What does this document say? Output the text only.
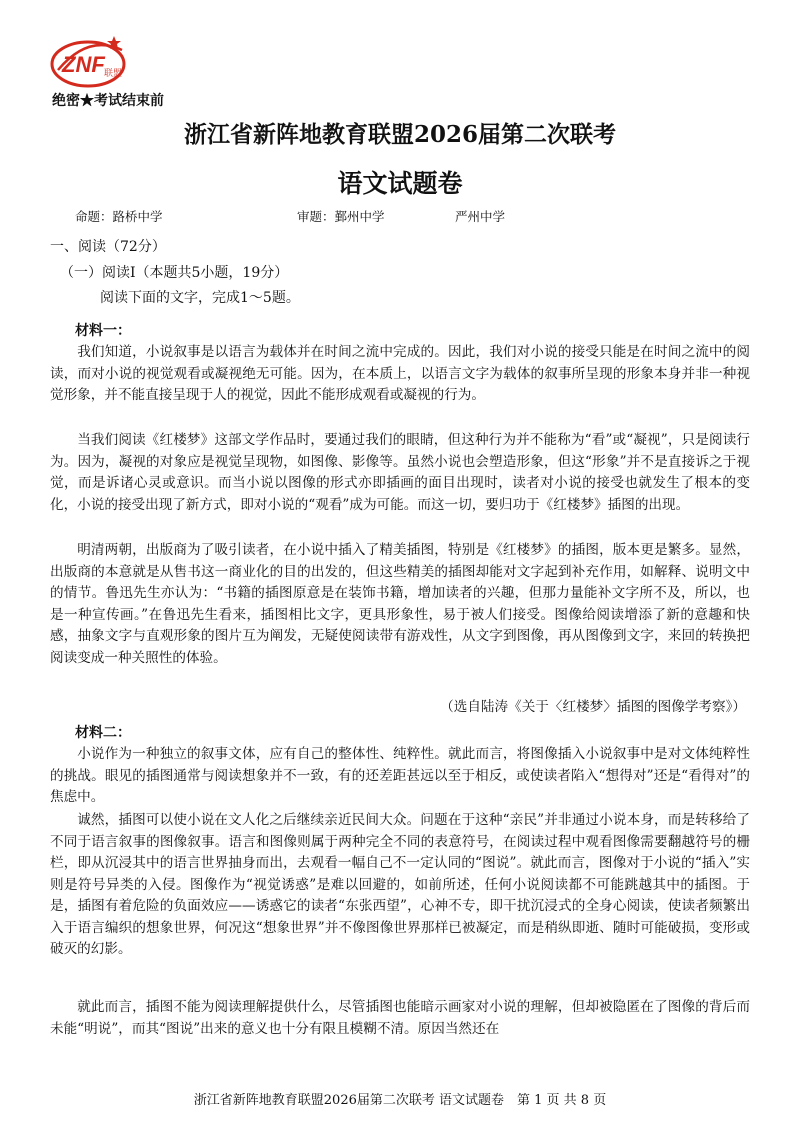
ZNF 联盟
绝密★考试结束前
浙江省新阵地教育联盟2026届第二次联考
语文试题卷
命题：路桥中学	审题：鄞州中学	严州中学
一、阅读（72分）
（一）阅读Ⅰ（本题共5小题，19分）
阅读下面的文字，完成1～5题。
材料一：
我们知道，小说叙事是以语言为载体并在时间之流中完成的。因此，我们对小说的接受只能是在时间之流中的阅读，而对小说的视觉观看或凝视绝无可能。因为，在本质上，以语言文字为载体的叙事所呈现的形象本身并非一种视觉形象，并不能直接呈现于人的视觉，因此不能形成观看或凝视的行为。
当我们阅读《红楼梦》这部文学作品时，要通过我们的眼睛，但这种行为并不能称为“看”或“凝视”，只是阅读行为。因为，凝视的对象应是视觉呈现物，如图像、影像等。虽然小说也会塑造形象，但这“形象”并不是直接诉之于视觉，而是诉诸心灵或意识。而当小说以图像的形式亦即插画的面目出现时，读者对小说的接受也就发生了根本的变化，小说的接受出现了新方式，即对小说的“观看”成为可能。而这一切，要归功于《红楼梦》插图的出现。
明清两朝，出版商为了吸引读者，在小说中插入了精美插图，特别是《红楼梦》的插图，版本更是繁多。显然，出版商的本意就是从售书这一商业化的目的出发的，但这些精美的插图却能对文字起到补充作用，如解释、说明文中的情节。鲁迅先生亦认为：“书籍的插图原意是在装饰书籍，增加读者的兴趣，但那力量能补文字所不及，所以，也是一种宣传画。”在鲁迅先生看来，插图相比文字，更具形象性，易于被人们接受。图像给阅读增添了新的意趣和快感，抽象文字与直观形象的图片互为阐发，无疑使阅读带有游戏性，从文字到图像，再从图像到文字，来回的转换把阅读变成一种关照性的体验。
（选自陆涛《关于〈红楼梦〉插图的图像学考察》）
材料二：
小说作为一种独立的叙事文体，应有自己的整体性、纯粹性。就此而言，将图像插入小说叙事中是对文体纯粹性的挑战。眼见的插图通常与阅读想象并不一致，有的还差距甚远以至于相反，或使读者陷入“想得对”还是“看得对”的焦虑中。
诚然，插图可以使小说在文人化之后继续亲近民间大众。问题在于这种“亲民”并非通过小说本身，而是转移给了不同于语言叙事的图像叙事。语言和图像则属于两种完全不同的表意符号，在阅读过程中观看图像需要翻越符号的栅栏，即从沉浸其中的语言世界抽身而出，去观看一幅自己不一定认同的“图说”。就此而言，图像对于小说的“插入”实则是符号异类的入侵。图像作为“视觉诱惑”是难以回避的，如前所述，任何小说阅读都不可能跳越其中的插图。于是，插图有着危险的负面效应——诱惑它的读者“东张西望”，心神不专，即干扰沉浸式的全身心阅读，使读者频繁出入于语言编织的想象世界，何况这“想象世界”并不像图像世界那样已被凝定，而是稍纵即逝、随时可能破损，变形或破灭的幻影。
就此而言，插图不能为阅读理解提供什么，尽管插图也能暗示画家对小说的理解，但却被隐匿在了图像的背后而未能“明说”，而其“图说”出来的意义也十分有限且模糊不清。原因当然还在
浙江省新阵地教育联盟2026届第二次联考 语文试题卷　第 1 页 共 8 页
